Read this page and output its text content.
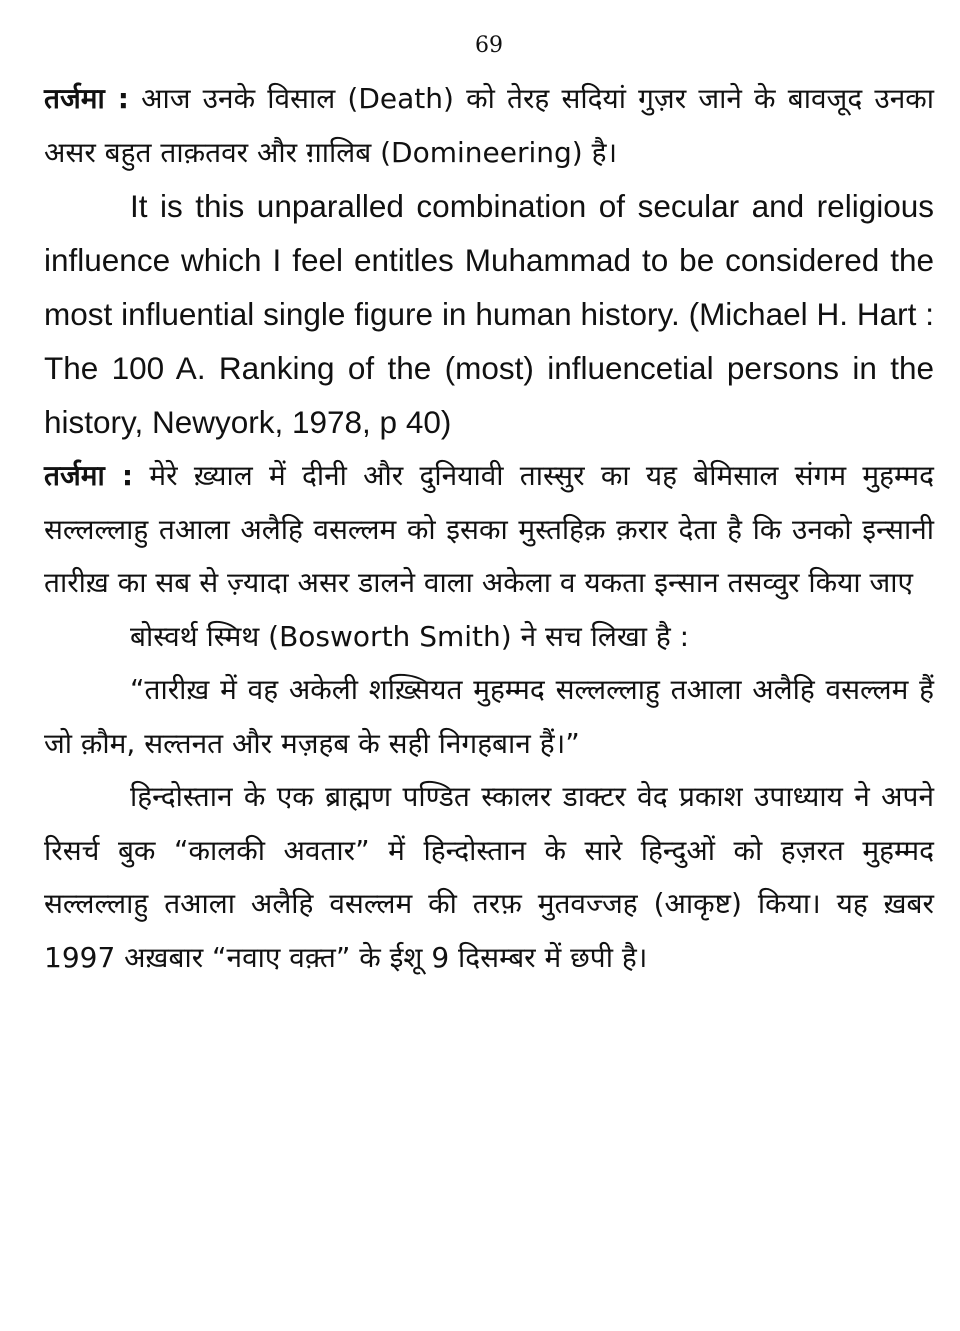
69

तर्जमा : आज उनके विसाल (Death) को तेरह सदियां गुज़र जाने के बावजूद उनका असर बहुत ताक़तवर और ग़ालिब (Domineering) है।

It is this unparalled combination of secular and religious influence which I feel entitles Muhammad to be considered the most influential single figure in human history. (Michael H. Hart : The 100 A. Ranking of the (most) influencetial persons in the history, Newyork, 1978, p 40)

तर्जमा : मेरे ख़्याल में दीनी और दुनियावी तास्सुर का यह बेमिसाल संगम मुहम्मद सल्लल्लाहु तआला अलैहि वसल्लम को इसका मुस्तहिक़ क़रार देता है कि उनको इन्सानी तारीख़ का सब से ज़्यादा असर डालने वाला अकेला व यकता इन्सान तसव्वुर किया जाए

बोस्वर्थ स्मिथ (Bosworth Smith) ने सच लिखा है :

“तारीख़ में वह अकेली शख़्सियत मुहम्मद सल्लल्लाहु तआला अलैहि वसल्लम हैं जो क़ौम, सल्तनत और मज़हब के सही निगहबान हैं।”

हिन्दोस्तान के एक ब्राह्मण पण्डित स्कालर डाक्टर वेद प्रकाश उपाध्याय ने अपने रिसर्च बुक “कालकी अवतार” में हिन्दोस्तान के सारे हिन्दुओं को हज़रत मुहम्मद सल्लल्लाहु तआला अलैहि वसल्लम की तरफ़ मुतवज्जह (आकृष्ट) किया। यह ख़बर 1997 अख़बार “नवाए वक़्त” के ईशू 9 दिसम्बर में छपी है।
